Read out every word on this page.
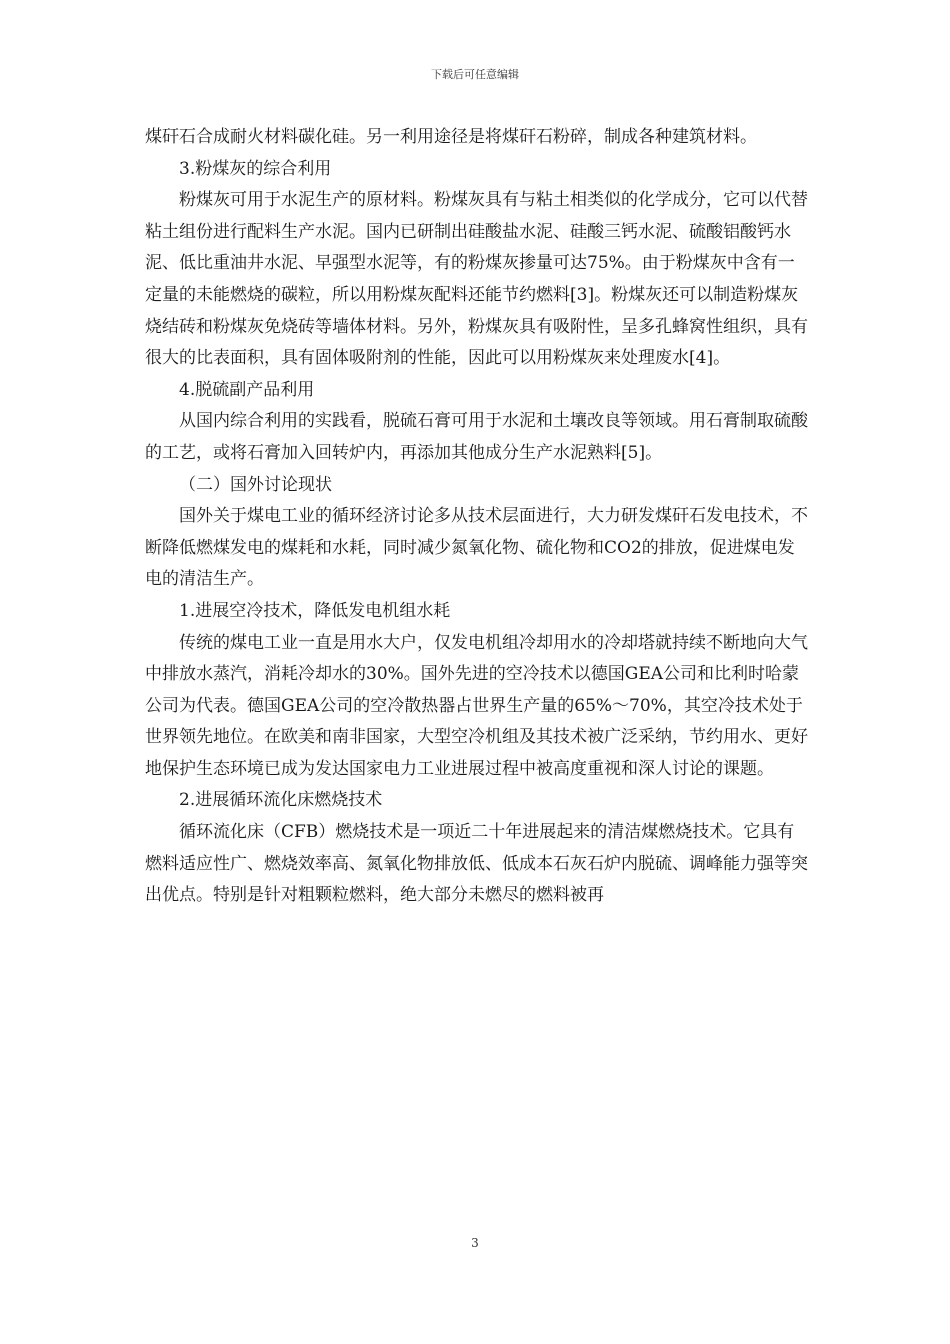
下载后可任意编辑

煤矸石合成耐火材料碳化硅。另一利用途径是将煤矸石粉碎，制成各种建筑材料。

3.粉煤灰的综合利用

粉煤灰可用于水泥生产的原材料。粉煤灰具有与粘土相类似的化学成分，它可以代替粘土组份进行配料生产水泥。国内已研制出硅酸盐水泥、硅酸三钙水泥、硫酸铝酸钙水泥、低比重油井水泥、早强型水泥等，有的粉煤灰掺量可达75%。由于粉煤灰中含有一定量的未能燃烧的碳粒，所以用粉煤灰配料还能节约燃料[3]。粉煤灰还可以制造粉煤灰烧结砖和粉煤灰免烧砖等墙体材料。另外，粉煤灰具有吸附性，呈多孔蜂窝性组织，具有很大的比表面积，具有固体吸附剂的性能，因此可以用粉煤灰来处理废水[4]。

4.脱硫副产品利用

从国内综合利用的实践看，脱硫石膏可用于水泥和土壤改良等领域。用石膏制取硫酸的工艺，或将石膏加入回转炉内，再添加其他成分生产水泥熟料[5]。

（二）国外讨论现状

国外关于煤电工业的循环经济讨论多从技术层面进行，大力研发煤矸石发电技术，不断降低燃煤发电的煤耗和水耗，同时减少氮氧化物、硫化物和CO2的排放，促进煤电发电的清洁生产。

1.进展空冷技术，降低发电机组水耗

传统的煤电工业一直是用水大户，仅发电机组冷却用水的冷却塔就持续不断地向大气中排放水蒸汽，消耗冷却水的30%。国外先进的空冷技术以德国GEA公司和比利时哈蒙公司为代表。德国GEA公司的空冷散热器占世界生产量的65%～70%，其空冷技术处于世界领先地位。在欧美和南非国家，大型空冷机组及其技术被广泛采纳，节约用水、更好地保护生态环境已成为发达国家电力工业进展过程中被高度重视和深人讨论的课题。

2.进展循环流化床燃烧技术

循环流化床（CFB）燃烧技术是一项近二十年进展起来的清洁煤燃烧技术。它具有燃料适应性广、燃烧效率高、氮氧化物排放低、低成本石灰石炉内脱硫、调峰能力强等突出优点。特别是针对粗颗粒燃料，绝大部分未燃尽的燃料被再

3
